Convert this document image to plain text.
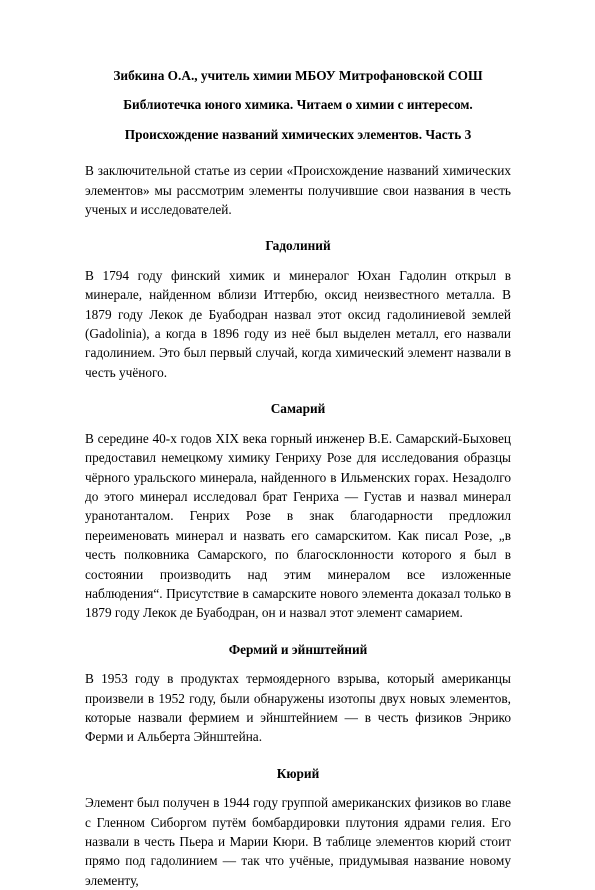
Зибкина О.А., учитель химии МБОУ Митрофановской СОШ

Библиотечка юного химика. Читаем о химии с интересом.

Происхождение названий химических элементов. Часть 3

В заключительной статье из серии «Происхождение названий химических элементов» мы рассмотрим элементы получившие свои названия в честь ученых и исследователей.

Гадолиний

В 1794 году финский химик и минералог Юхан Гадолин открыл в минерале, найденном вблизи Иттербю, оксид неизвестного металла. В 1879 году Лекок де Буабодран назвал этот оксид гадолиниевой землей (Gadolinia), а когда в 1896 году из неё был выделен металл, его назвали гадолинием. Это был первый случай, когда химический элемент назвали в честь учёного.

Самарий

В середине 40-х годов XIX века горный инженер В.Е. Самарский-Быховец предоставил немецкому химику Генриху Розе для исследования образцы чёрного уральского минерала, найденного в Ильменских горах. Незадолго до этого минерал исследовал брат Генриха — Густав и назвал минерал уранотанталом. Генрих Розе в знак благодарности предложил переименовать минерал и назвать его самарскитом. Как писал Розе, „в честь полковника Самарского, по благосклонности которого я был в состоянии производить над этим минералом все изложенные наблюдения“. Присутствие в самарските нового элемента доказал только в 1879 году Лекок де Буабодран, он и назвал этот элемент самарием.

Фермий и эйнштейний

В 1953 году в продуктах термоядерного взрыва, который американцы произвели в 1952 году, были обнаружены изотопы двух новых элементов, которые назвали фермием и эйнштейнием — в честь физиков Энрико Ферми и Альберта Эйнштейна.

Кюрий

Элемент был получен в 1944 году группой американских физиков во главе с Гленном Сиборгом путём бомбардировки плутония ядрами гелия. Его назвали в честь Пьера и Марии Кюри. В таблице элементов кюрий стоит прямо под гадолинием — так что учёные, придумывая название новому элементу,
